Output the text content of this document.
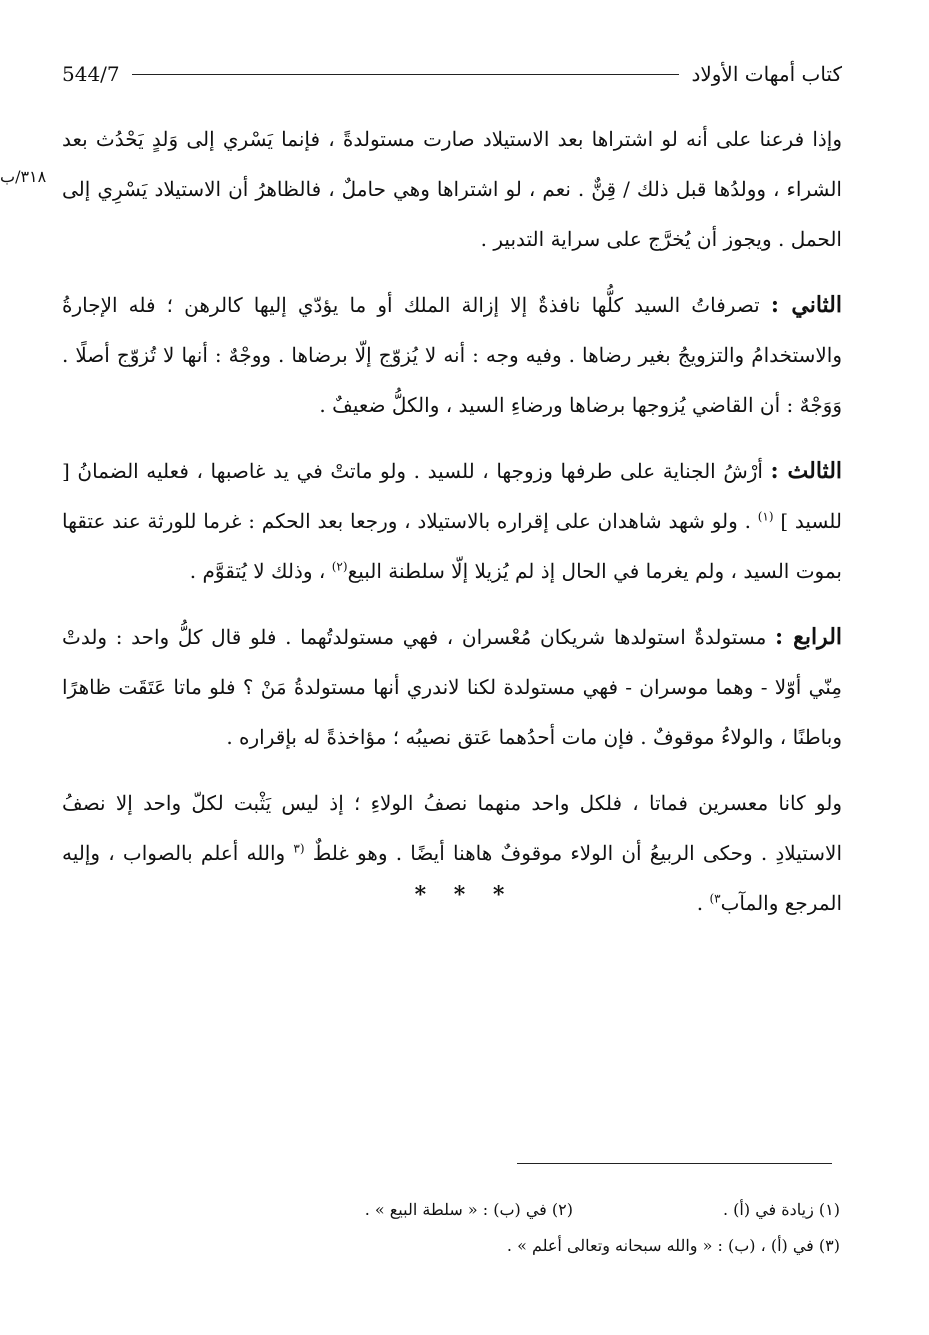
544/7	كتاب أمهات الأولاد
٣١٨/ب

وإذا فرعنا على أنه لو اشتراها بعد الاستيلاد صارت مستولدةً ، فإنما يَسْري إلى وَلدٍ يَحْدُث بعد الشراء ، وولدُها قبل ذلك / قِنٌّ . نعم ، لو اشتراها وهي حاملٌ ، فالظاهرُ أن الاستيلاد يَسْرِي إلى الحمل . ويجوز أن يُخرَّج على سراية التدبير .

الثاني : تصرفاتُ السيد كلُّها نافذةٌ إلا إزالة الملك أو ما يؤدّي إليها كالرهن ؛ فله الإجارةُ والاستخدامُ والتزويجُ بغير رضاها . وفيه وجه : أنه لا يُزوّج إلّا برضاها . ووجْهٌ : أنها لا تُزوّج أصلًا . وَوَجْهٌ : أن القاضي يُزوجها برضاها ورضاءِ السيد ، والكلُّ ضعيفٌ .

الثالث : أرْشُ الجناية على طرفها وزوجها ، للسيد . ولو ماتتْ في يد غاصبها ، فعليه الضمانُ [ للسيد ] $^{(١)}$ . ولو شهد شاهدان على إقراره بالاستيلاد ، ورجعا بعد الحكم : غرما للورثة عند عتقها بموت السيد ، ولم يغرما في الحال إذ لم يُزيلا إلّا سلطنة البيع$^{(٢)}$ ، وذلك لا يُتقوَّم .

الرابع : مستولدةٌ استولدها شريكان مُعْسران ، فهي مستولدتُهما . فلو قال كلُّ واحد : ولدتْ مِنّي أوّلا - وهما موسران - فهي مستولدة لكنا لاندري أنها مستولدةُ مَنْ ؟ فلو ماتا عَتَقَت ظاهرًا وباطنًا ، والولاءُ موقوفٌ . فإن مات أحدُهما عَتق نصيبُه ؛ مؤاخذةً له بإقراره .

ولو كانا معسرين فماتا ، فلكل واحد منهما نصفُ الولاءِ ؛ إذ ليس يَثْبت لكلّ واحد إلا نصفُ الاستيلادِ . وحكى الربيعُ أن الولاء موقوفٌ هاهنا أيضًا . وهو غلطٌ $^{(٣}$ والله أعلم بالصواب ، وإليه المرجع والمآب$^{٣)}$ .

* * *
(١) زيادة في (أ) .
(٢) في (ب) : « سلطة البيع » .
(٣) في (أ) ، (ب) : « والله سبحانه وتعالى أعلم » .
